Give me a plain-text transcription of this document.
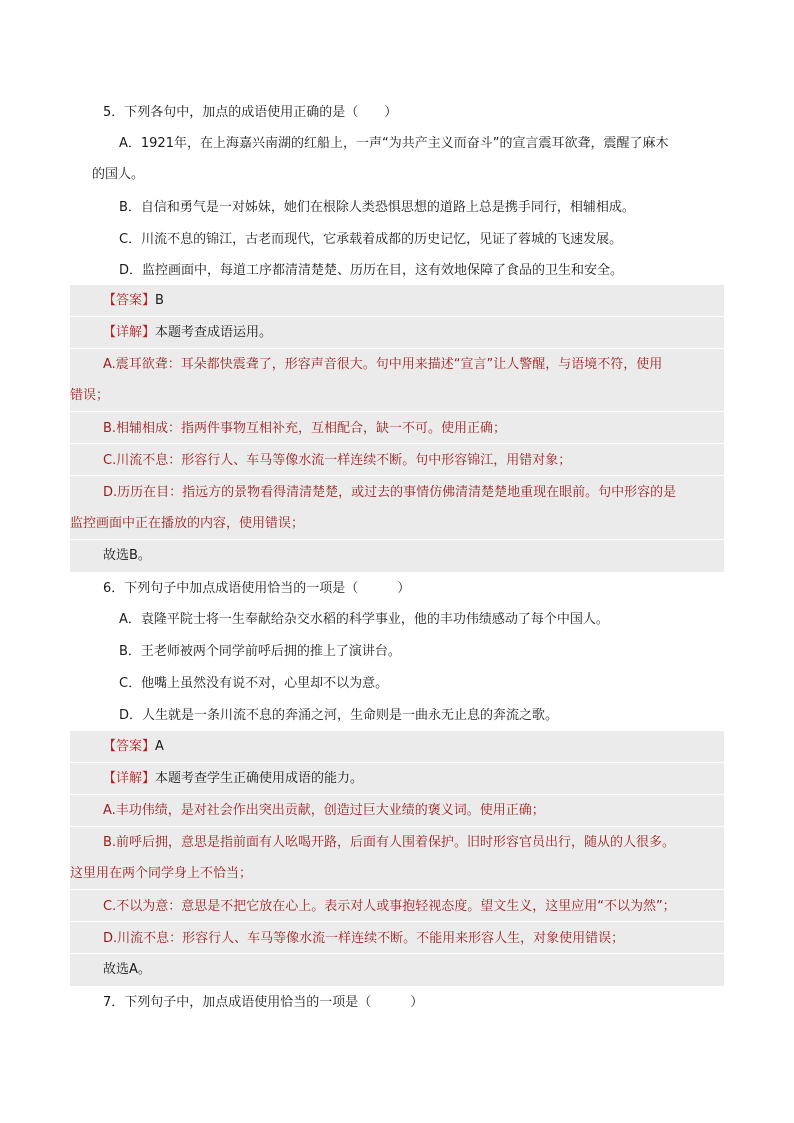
5．下列各句中，加点的成语使用正确的是（　　）
A．1921年，在上海嘉兴南湖的红船上，一声“为共产主义而奋斗”的宣言震耳欲聋，震醒了麻木
的国人。
B．自信和勇气是一对姊妹，她们在根除人类恐惧思想的道路上总是携手同行，相辅相成。
C．川流不息的锦江，古老而现代，它承载着成都的历史记忆，见证了蓉城的飞速发展。
D．监控画面中，每道工序都清清楚楚、历历在目，这有效地保障了食品的卫生和安全。
【答案】B
【详解】本题考查成语运用。
A.震耳欲聋：耳朵都快震聋了，形容声音很大。句中用来描述“宣言”让人警醒，与语境不符，使用
错误；
B.相辅相成：指两件事物互相补充，互相配合，缺一不可。使用正确；
C.川流不息：形容行人、车马等像水流一样连续不断。句中形容锦江，用错对象；
D.历历在目：指远方的景物看得清清楚楚，或过去的事情仿佛清清楚楚地重现在眼前。句中形容的是
监控画面中正在播放的内容，使用错误；
故选B。
6．下列句子中加点成语使用恰当的一项是（　　　）
A．袁隆平院士将一生奉献给杂交水稻的科学事业，他的丰功伟绩感动了每个中国人。
B．王老师被两个同学前呼后拥的推上了演讲台。
C．他嘴上虽然没有说不对，心里却不以为意。
D．人生就是一条川流不息的奔涌之河，生命则是一曲永无止息的奔流之歌。
【答案】A
【详解】本题考查学生正确使用成语的能力。
A.丰功伟绩，是对社会作出突出贡献，创造过巨大业绩的褒义词。使用正确；
B.前呼后拥，意思是指前面有人吆喝开路，后面有人围着保护。旧时形容官员出行，随从的人很多。
这里用在两个同学身上不恰当；
C.不以为意：意思是不把它放在心上。表示对人或事抱轻视态度。望文生义，这里应用“不以为然”；
D.川流不息：形容行人、车马等像水流一样连续不断。不能用来形容人生，对象使用错误；
故选A。
7．下列句子中，加点成语使用恰当的一项是（　　　）
